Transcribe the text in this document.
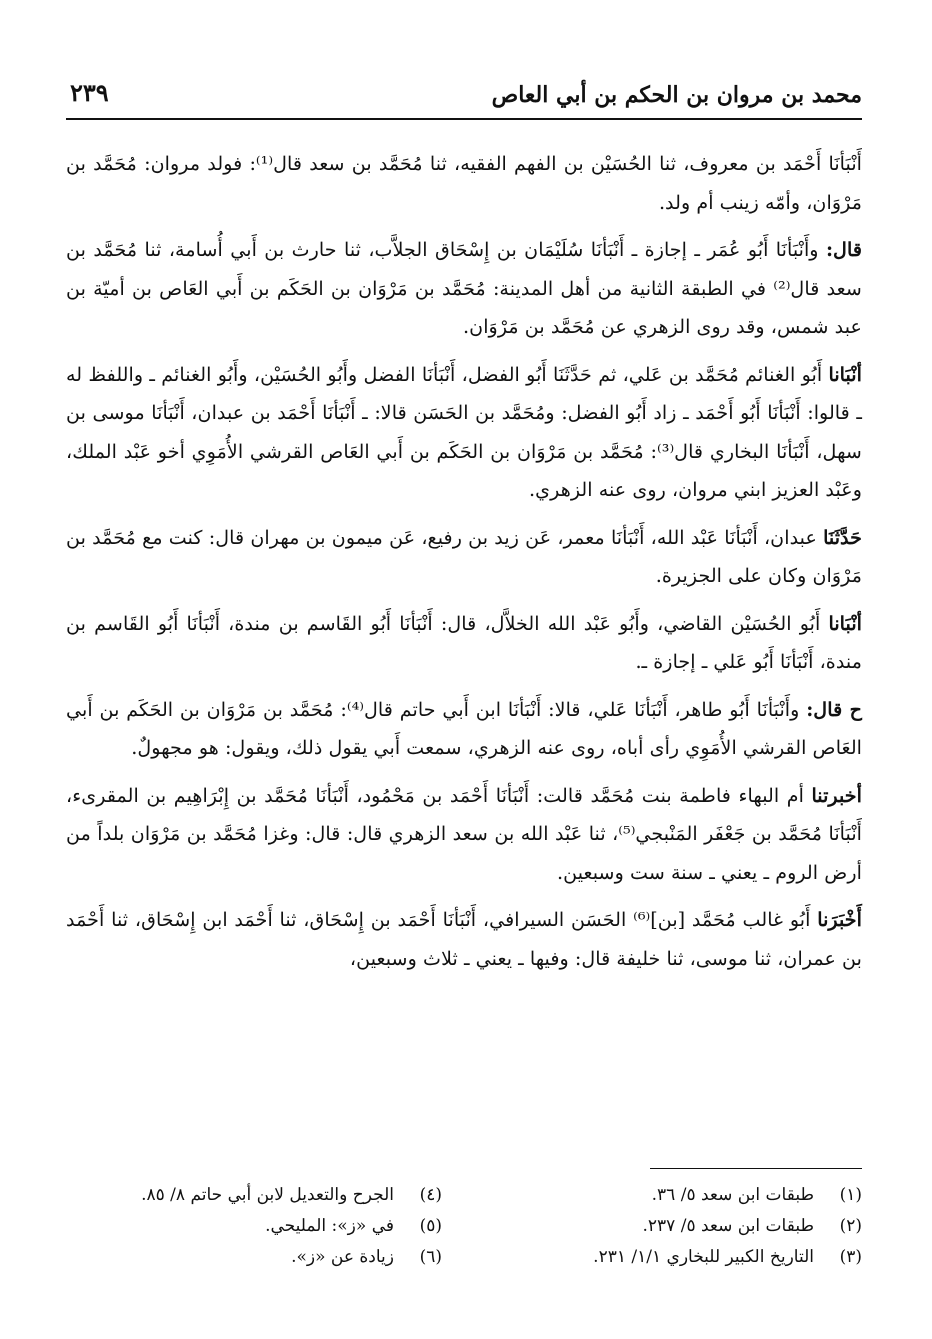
محمد بن مروان بن الحكم بن أبي العاص
٢٣٩

أَنْبَأنَا أَحْمَد بن معروف، ثنا الحُسَيْن بن الفهم الفقيه، ثنا مُحَمَّد بن سعد قال⁽¹⁾: فولد مروان: مُحَمَّد بن مَرْوَان، وأمّه زينب أم ولد.

قال: وأَنْبَأنَا أَبُو عُمَر ـ إجازة ـ أَنْبَأنَا سُلَيْمَان بن إِسْحَاق الجلاَّب، ثنا حارث بن أَبي أُسامة، ثنا مُحَمَّد بن سعد قال⁽²⁾ في الطبقة الثانية من أهل المدينة: مُحَمَّد بن مَرْوَان بن الحَكَم بن أَبي العَاص بن أميّة بن عبد شمس، وقد روى الزهري عن مُحَمَّد بن مَرْوَان.

أنْبَانا أَبُو الغنائم مُحَمَّد بن عَلي، ثم حَدَّثَنَا أَبُو الفضل، أَنْبَأنَا الفضل وأَبُو الحُسَيْن، وأَبُو الغنائم ـ واللفظ له ـ قالوا: أَنْبَأنَا أَبُو أَحْمَد ـ زاد أَبُو الفضل: ومُحَمَّد بن الحَسَن قالا: ـ أَنْبَأنَا أَحْمَد بن عبدان، أَنْبَأنَا موسى بن سهل، أَنْبَأنَا البخاري قال⁽³⁾: مُحَمَّد بن مَرْوَان بن الحَكَم بن أَبي العَاص القرشي الأُمَوِي أخو عَبْد الملك، وعَبْد العزيز ابني مروان، روى عنه الزهري.

حَدَّثَنَا عبدان، أَنْبَأنَا عَبْد الله، أَنْبَأنَا معمر، عَن زيد بن رفيع، عَن ميمون بن مهران قال: كنت مع مُحَمَّد بن مَرْوَان وكان على الجزيرة.

أنْبَانا أَبُو الحُسَيْن القاضي، وأَبُو عَبْد الله الخلاَّل، قال: أَنْبَأنَا أَبُو القَاسم بن مندة، أَنْبَأنَا أَبُو القَاسم بن مندة، أَنْبَأنَا أَبُو عَلي ـ إجازة ـ.

ح قال: وأَنْبَأنَا أَبُو طاهر، أَنْبَأنَا عَلي، قالا: أَنْبَأنَا ابن أَبي حاتم قال⁽⁴⁾: مُحَمَّد بن مَرْوَان بن الحَكَم بن أَبي العَاص القرشي الأُمَوِي رأى أباه، روى عنه الزهري، سمعت أَبي يقول ذلك، ويقول: هو مجهولٌ.

أخبرتنا أم البهاء فاطمة بنت مُحَمَّد قالت: أَنْبَأنَا أَحْمَد بن مَحْمُود، أَنْبَأنَا مُحَمَّد بن إِبْرَاهِيم بن المقرىء، أَنْبَأنَا مُحَمَّد بن جَعْفَر المَنْبجي⁽⁵⁾، ثنا عَبْد الله بن سعد الزهري قال: قال: وغزا مُحَمَّد بن مَرْوَان بلداً من أرض الروم ـ يعني ـ سنة ست وسبعين.

أَخْبَرَنا أَبُو غالب مُحَمَّد [بن]⁽⁶⁾ الحَسَن السيرافي، أَنْبَأنَا أَحْمَد بن إِسْحَاق، ثنا أَحْمَد ابن إِسْحَاق، ثنا أَحْمَد بن عمران، ثنا موسى، ثنا خليفة قال: وفيها ـ يعني ـ ثلاث وسبعين،

(١)طبقات ابن سعد ٥/ ٣٦.
(٢)طبقات ابن سعد ٥/ ٢٣٧.
(٣)التاريخ الكبير للبخاري ١/١/ ٢٣١.
(٤)الجرح والتعديل لابن أبي حاتم ٨/ ٨٥.
(٥)في «ز»: المليحي.
(٦)زيادة عن «ز».
